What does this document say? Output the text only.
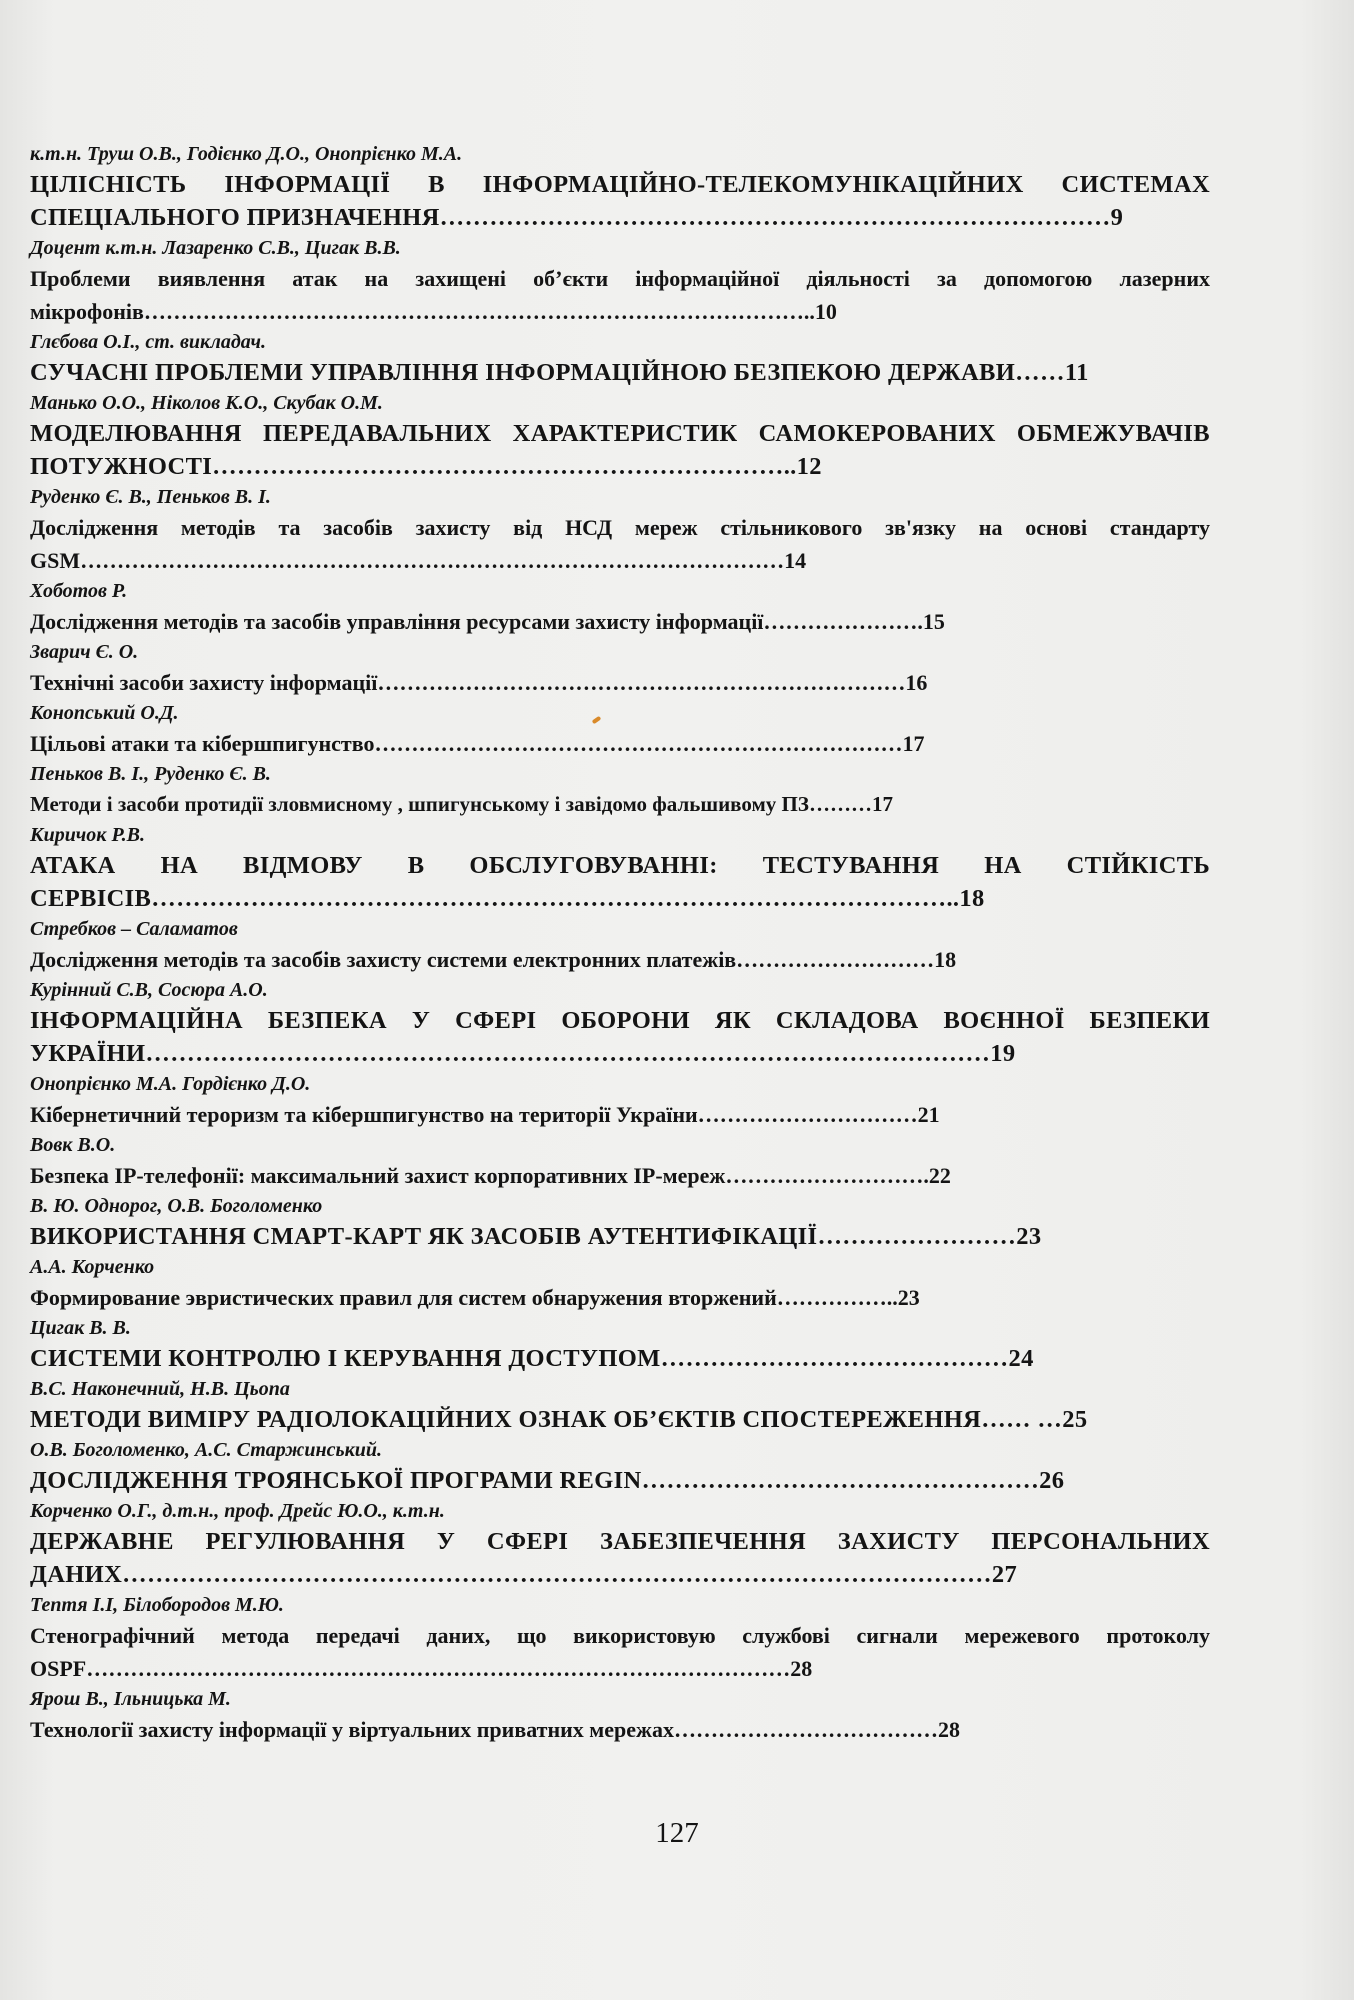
к.т.н. Труш О.В., Годієнко Д.О., Онопрієнко М.А.
ЦІЛІСНІСТЬ ІНФОРМАЦІЇ В ІНФОРМАЦІЙНО-ТЕЛЕКОМУНІКАЦІЙНИХ СИСТЕМАХ СПЕЦІАЛЬНОГО ПРИЗНАЧЕННЯ………………………………………………………………………9
Доцент к.т.н. Лазаренко С.В., Цигак В.В.
Проблеми виявлення атак на захищені об’єкти інформаційної діяльності за допомогою лазерних мікрофонів………………………………………………………………………………..10
Глєбова О.І., ст. викладач.
СУЧАСНІ ПРОБЛЕМИ УПРАВЛІННЯ ІНФОРМАЦІЙНОЮ БЕЗПЕКОЮ ДЕРЖАВИ……11
Манько О.О., Ніколов К.О., Скубак О.М.
МОДЕЛЮВАННЯ ПЕРЕДАВАЛЬНИХ ХАРАКТЕРИСТИК САМОКЕРОВАНИХ ОБМЕЖУВАЧІВ ПОТУЖНОСТІ……………………………………………………………..12
Руденко Є. В., Пеньков В. І.
Дослідження методів та засобів захисту від НСД мереж стільникового зв'язку на основі стандарту GSM……………………………………………………………………………………14
Хоботов Р.
Дослідження методів та засобів управління ресурсами захисту інформації………………….15
Зварич Є. О.
Технічні засоби захисту інформації………………………………………………………………16
Конопський О.Д.
Цільові атаки та кібершпигунство………………………………………………………………17
Пеньков В. І., Руденко Є. В.
Методи і засоби протидії зловмисному , шпигунському і завідомо фальшивому ПЗ………17
Киричок Р.В.
АТАКА НА ВІДМОВУ В ОБСЛУГОВУВАННІ: ТЕСТУВАННЯ НА СТІЙКІСТЬ СЕРВІСІВ……………………………………………………………………………………..18
Стребков – Саламатов
Дослідження методів та засобів захисту системи електронних платежів………………………18
Курінний С.В, Сосюра А.О.
ІНФОРМАЦІЙНА БЕЗПЕКА У СФЕРІ ОБОРОНИ ЯК СКЛАДОВА ВОЄННОЇ БЕЗПЕКИ УКРАЇНИ…………………………………………………………………………………………19
Онопрієнко М.А. Гордієнко Д.О.
Кібернетичний тероризм та кібершпигунство на території України…………………………21
Вовк В.О.
Безпека IP-телефонії: максимальний захист корпоративних IP-мереж……………………….22
В. Ю. Однорог, О.В. Боголоменко
ВИКОРИСТАННЯ СМАРТ-КАРТ ЯК ЗАСОБІВ АУТЕНТИФІКАЦІЇ……………………23
А.А. Корченко
Формирование эвристических правил для систем обнаружения вторжений……………..23
Цигак В. В.
СИСТЕМИ КОНТРОЛЮ І КЕРУВАННЯ ДОСТУПОМ……………………………………24
В.С. Наконечний, Н.В. Цьопа
МЕТОДИ ВИМІРУ РАДІОЛОКАЦІЙНИХ ОЗНАК ОБ’ЄКТІВ СПОСТЕРЕЖЕННЯ…… …25
О.В. Боголоменко, А.С. Старжинський.
ДОСЛІДЖЕННЯ ТРОЯНСЬКОЇ ПРОГРАМИ REGIN…………………………………………26
Корченко О.Г., д.т.н., проф. Дрейс Ю.О., к.т.н.
ДЕРЖАВНЕ РЕГУЛЮВАННЯ У СФЕРІ ЗАБЕЗПЕЧЕННЯ ЗАХИСТУ ПЕРСОНАЛЬНИХ ДАНИХ……………………………………………………………………………………………27
Тептя І.І, Білобородов М.Ю.
Стенографічний метода передачі даних, що використовую службові сигнали мережевого протоколу OSPF……………………………………………………………………………………28
Ярош В., Ільницька М.
Технології захисту інформації у віртуальних приватних мережах………………………………28
127
